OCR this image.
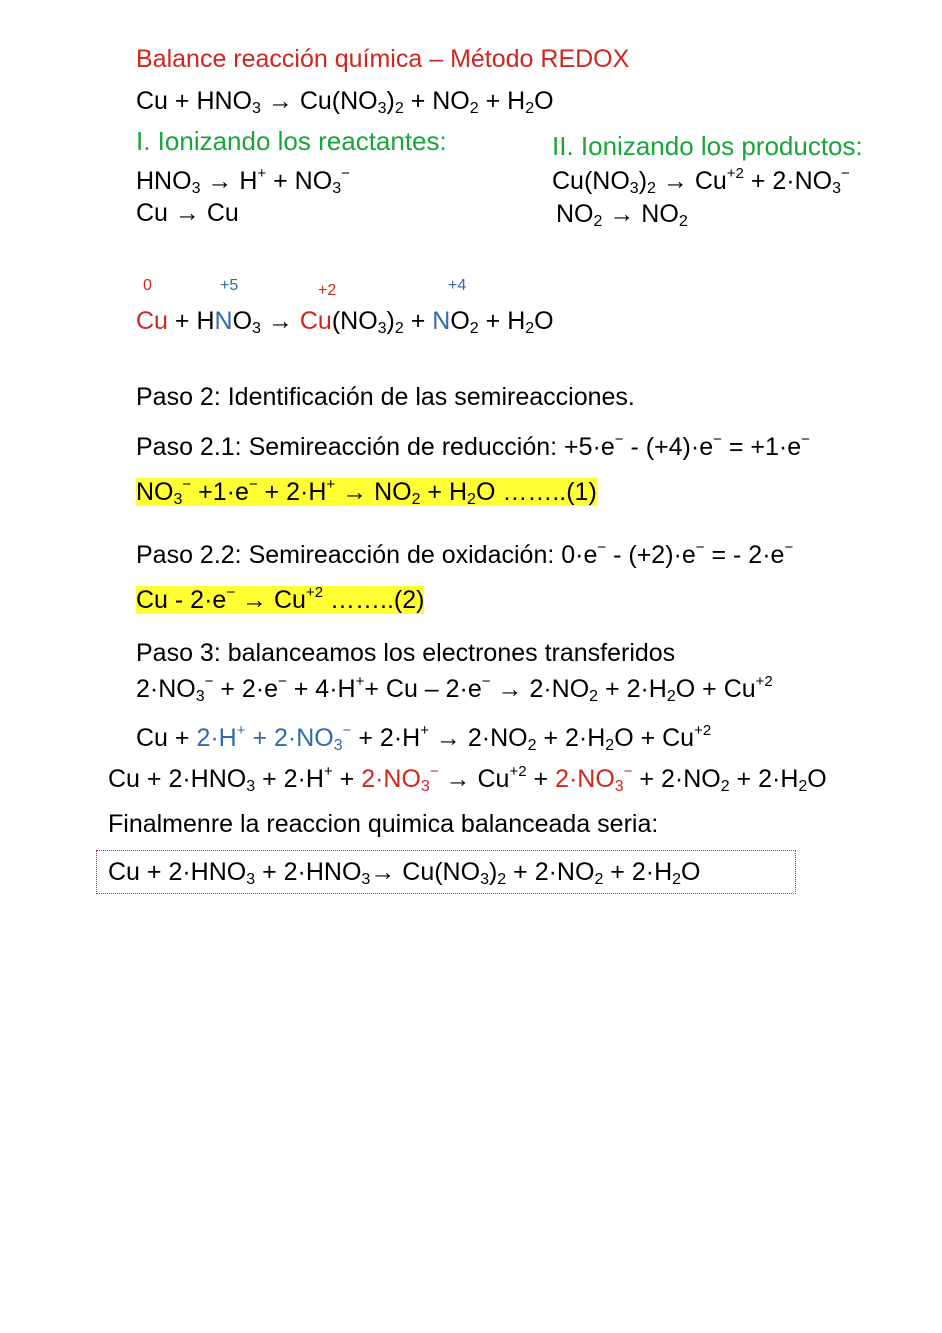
Balance reacción química – Método REDOX
$Cu + HNO_3 \to Cu(NO_3)_2 + NO_2 + H_2O$
I. Ionizando los reactantes:	II. Ionizando los productos:
$HNO_3 \to H^+ + NO_3^-$
Cu → Cu
$Cu(NO_3)_2 \to Cu^{+2} + 2\cdot NO_3^-$
$NO_2 \to NO_2$
0	+5	+2	+4
$Cu + HNO_3 \to Cu(NO_3)_2 + NO_2 + H_2O$
Paso 2: Identificación de las semireacciones.
Paso 2.1: Semireacción de reducción: +5·e− - (+4)·e− = +1·e−
$NO_3^- +1\cdot e^- + 2\cdot H^+ \to NO_2 + H_2O$ ……..(1)
Paso 2.2: Semireacción de oxidación: 0·e− - (+2)·e− = - 2·e−
$Cu - 2\cdot e^- \to Cu^{+2}$ ……..(2)
Paso 3: balanceamos los electrones transferidos
$2\cdot NO_3^- + 2\cdot e^- + 4\cdot H^++ Cu - 2\cdot e^- \to 2\cdot NO_2 + 2\cdot H_2O + Cu^{+2}$
$Cu + 2\cdot H^+ + 2\cdot NO_3^- + 2\cdot H^+ \to 2\cdot NO_2 + 2\cdot H_2O + Cu^{+2}$
$Cu + 2\cdot HNO_3 + 2\cdot H^+ + 2\cdot NO_3^- \to Cu^{+2} + 2\cdot NO_3^- + 2\cdot NO_2 + 2\cdot H_2O$
Finalmenre la reaccion quimica balanceada seria:
$Cu + 2\cdot HNO_3 + 2\cdot HNO_3\to Cu(NO_3)_2 + 2\cdot NO_2 + 2\cdot H_2O$
